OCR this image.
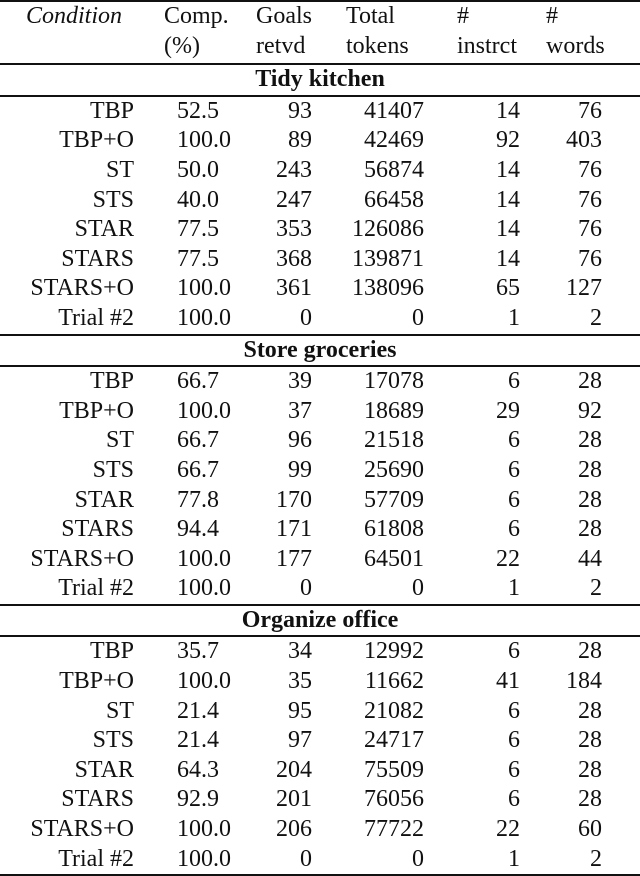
Condition	Comp.	Goals	Total	#	#
	(%)	retvd	tokens	instrct	words
Tidy kitchen					
TBP	52.5	93	41407	14	76
TBP+O	100.0	89	42469	92	403
ST	50.0	243	56874	14	76
STS	40.0	247	66458	14	76
STAR	77.5	353	126086	14	76
STARS	77.5	368	139871	14	76
STARS+O	100.0	361	138096	65	127
Trial #2	100.0	0	0	1	2
Store groceries					
TBP	66.7	39	17078	6	28
TBP+O	100.0	37	18689	29	92
ST	66.7	96	21518	6	28
STS	66.7	99	25690	6	28
STAR	77.8	170	57709	6	28
STARS	94.4	171	61808	6	28
STARS+O	100.0	177	64501	22	44
Trial #2	100.0	0	0	1	2
Organize office					
TBP	35.7	34	12992	6	28
TBP+O	100.0	35	11662	41	184
ST	21.4	95	21082	6	28
STS	21.4	97	24717	6	28
STAR	64.3	204	75509	6	28
STARS	92.9	201	76056	6	28
STARS+O	100.0	206	77722	22	60
Trial #2	100.0	0	0	1	2
